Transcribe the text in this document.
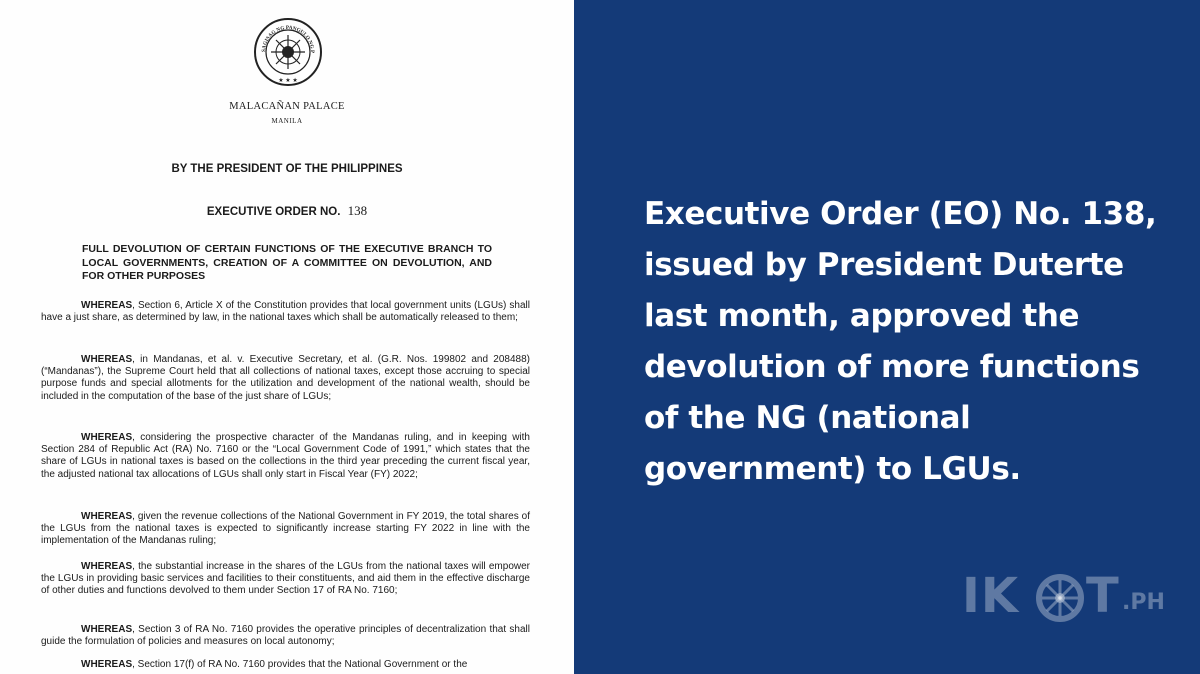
SAGISAG NG PANGULO NG P
★ ★ ★
MALACAÑAN PALACE
MANILA
BY THE PRESIDENT OF THE PHILIPPINES
EXECUTIVE ORDER NO. 138
FULL DEVOLUTION OF CERTAIN FUNCTIONS OF THE EXECUTIVE BRANCH TO LOCAL GOVERNMENTS, CREATION OF A COMMITTEE ON DEVOLUTION, AND FOR OTHER PURPOSES
WHEREAS, Section 6, Article X of the Constitution provides that local government units (LGUs) shall have a just share, as determined by law, in the national taxes which shall be automatically released to them;
WHEREAS, in Mandanas, et al. v. Executive Secretary, et al. (G.R. Nos. 199802 and 208488) (“Mandanas”), the Supreme Court held that all collections of national taxes, except those accruing to special purpose funds and special allotments for the utilization and development of the national wealth, should be included in the computation of the base of the just share of LGUs;
WHEREAS, considering the prospective character of the Mandanas ruling, and in keeping with Section 284 of Republic Act (RA) No. 7160 or the “Local Government Code of 1991,” which states that the share of LGUs in national taxes is based on the collections in the third year preceding the current fiscal year, the adjusted national tax allocations of LGUs shall only start in Fiscal Year (FY) 2022;
WHEREAS, given the revenue collections of the National Government in FY 2019, the total shares of the LGUs from the national taxes is expected to significantly increase starting FY 2022 in line with the implementation of the Mandanas ruling;
WHEREAS, the substantial increase in the shares of the LGUs from the national taxes will empower the LGUs in providing basic services and facilities to their constituents, and aid them in the effective discharge of other duties and functions devolved to them under Section 17 of RA No. 7160;
WHEREAS, Section 3 of RA No. 7160 provides the operative principles of decentralization that shall guide the formulation of policies and measures on local autonomy;
WHEREAS, Section 17(f) of RA No. 7160 provides that the National Government or the
Executive Order (EO) No. 138, issued by President Duterte last month, approved the devolution of more functions of the NG (national government) to LGUs.
IK T .PH
